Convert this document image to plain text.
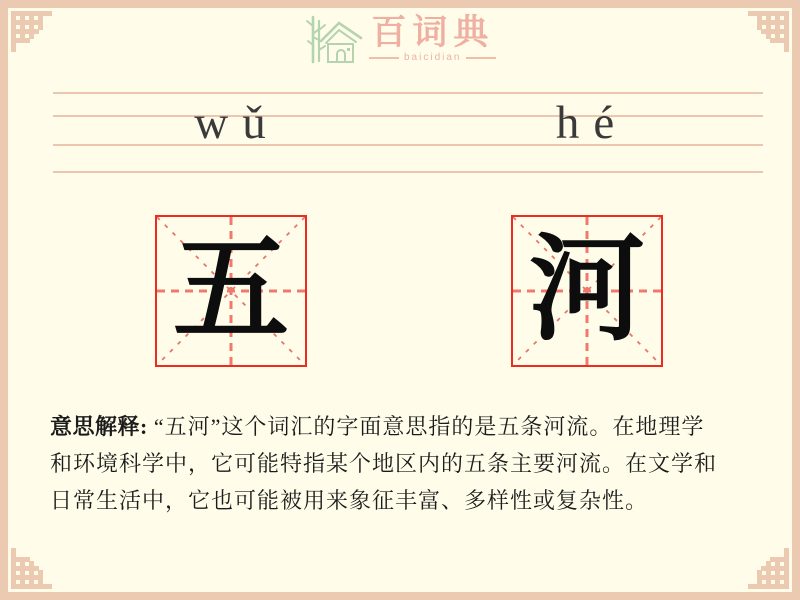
百词典
baicidian
wǔ	hé
五 河
意思解释: “五河”这个词汇的字面意思指的是五条河流。在地理学
和环境科学中，它可能特指某个地区内的五条主要河流。在文学和
日常生活中，它也可能被用来象征丰富、多样性或复杂性。
